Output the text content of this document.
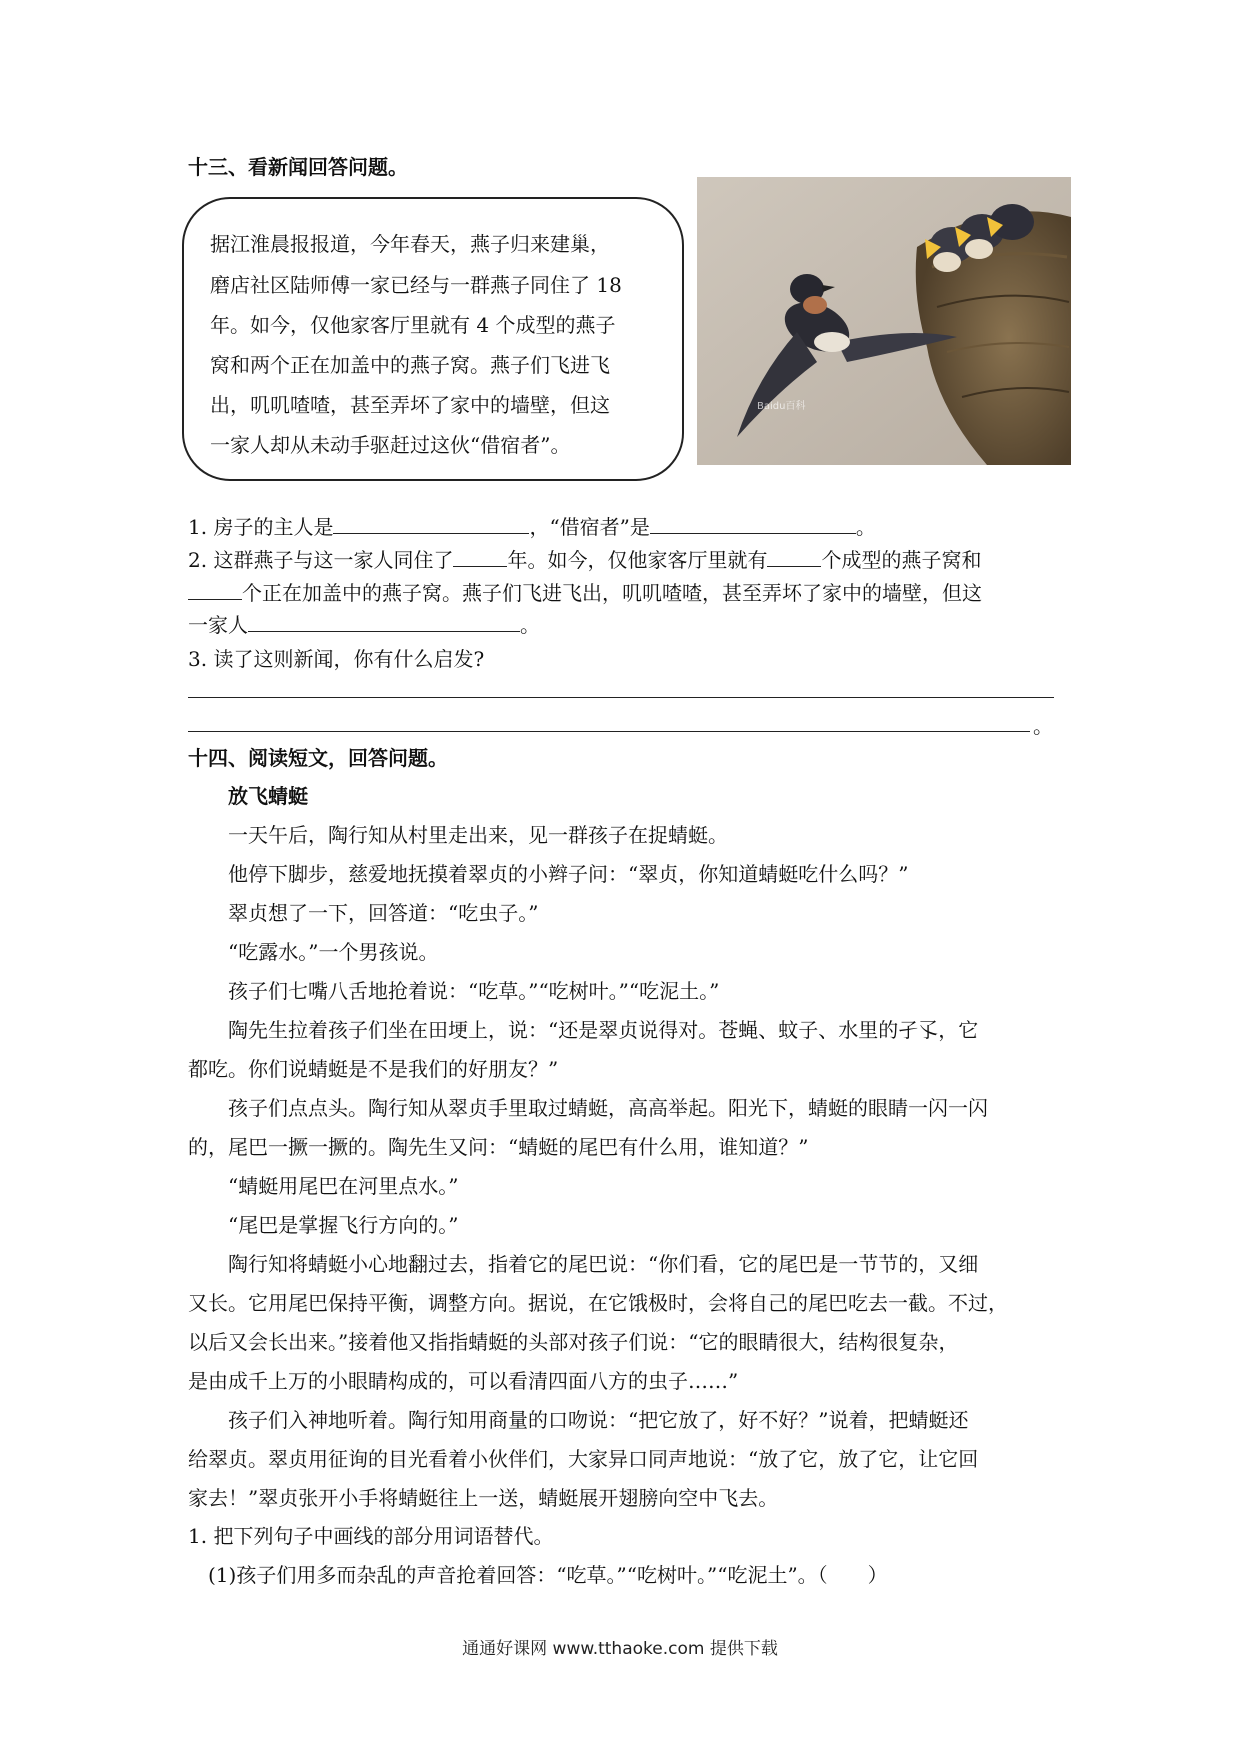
十三、看新闻回答问题。
据江淮晨报报道，今年春天，燕子归来建巢，
磨店社区陆师傅一家已经与一群燕子同住了 18
年。如今，仅他家客厅里就有 4 个成型的燕子
窝和两个正在加盖中的燕子窝。燕子们飞进飞
出，叽叽喳喳，甚至弄坏了家中的墙壁，但这
一家人却从未动手驱赶过这伙“借宿者”。
Baidu百科
1. 房子的主人是	，“借宿者”是	。
2. 这群燕子与这一家人同住了	年。如今，仅他家客厅里就有	个成型的燕子窝和
个正在加盖中的燕子窝。燕子们飞进飞出，叽叽喳喳，甚至弄坏了家中的墙壁，但这
一家人	。
3. 读了这则新闻，你有什么启发?
。
十四、阅读短文，回答问题。
放飞蜻蜓
一天午后，陶行知从村里走出来，见一群孩子在捉蜻蜓。
他停下脚步，慈爱地抚摸着翠贞的小辫子问：“翠贞，你知道蜻蜓吃什么吗？”
翠贞想了一下，回答道：“吃虫子。”
“吃露水。”一个男孩说。
孩子们七嘴八舌地抢着说：“吃草。”“吃树叶。”“吃泥土。”
陶先生拉着孩子们坐在田埂上，说：“还是翠贞说得对。苍蝇、蚊子、水里的孑孓，它
都吃。你们说蜻蜓是不是我们的好朋友？”
孩子们点点头。陶行知从翠贞手里取过蜻蜓，高高举起。阳光下，蜻蜓的眼睛一闪一闪
的，尾巴一撅一撅的。陶先生又问：“蜻蜓的尾巴有什么用，谁知道？”
“蜻蜓用尾巴在河里点水。”
“尾巴是掌握飞行方向的。”
陶行知将蜻蜓小心地翻过去，指着它的尾巴说：“你们看，它的尾巴是一节节的，又细
又长。它用尾巴保持平衡，调整方向。据说，在它饿极时，会将自己的尾巴吃去一截。不过，
以后又会长出来。”接着他又指指蜻蜓的头部对孩子们说：“它的眼睛很大，结构很复杂，
是由成千上万的小眼睛构成的，可以看清四面八方的虫子……”
孩子们入神地听着。陶行知用商量的口吻说：“把它放了，好不好？”说着，把蜻蜓还
给翠贞。翠贞用征询的目光看着小伙伴们，大家异口同声地说：“放了它，放了它，让它回
家去！”翠贞张开小手将蜻蜓往上一送，蜻蜓展开翅膀向空中飞去。
1. 把下列句子中画线的部分用词语替代。
(1)孩子们用多而杂乱的声音抢着回答：“吃草。”“吃树叶。”“吃泥土”。（　　）
通通好课网 www.tthaoke.com 提供下载
